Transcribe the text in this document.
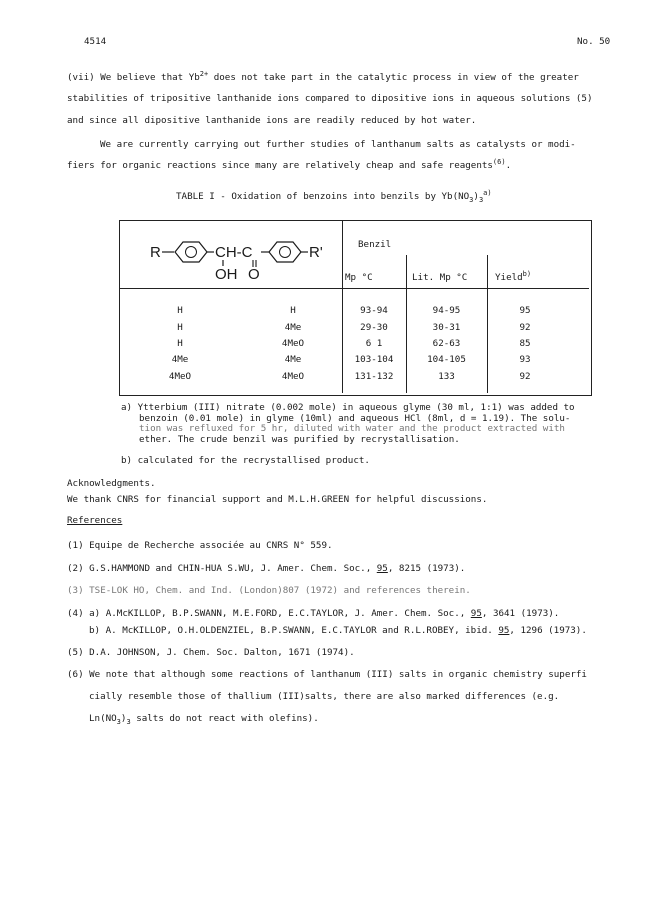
4514	No. 50
(vii) We believe that $Yb^{2+}$ does not take part in the catalytic process in view of the greater
stabilities of tripositive lanthanide ions compared to dipositive ions in aqueous solutions (5)
and since all dipositive lanthanide ions are readily reduced by hot water.
We are currently carrying out further studies of lanthanum salts as catalysts or modi-
fiers for organic reactions since many are relatively cheap and safe reagents$^{(6)}$.
TABLE I - Oxidation of benzoins into benzils by $Yb(NO_3)_3^{a)}$
R	CH-C
OH O
R'	Benzil
Mp °C	Lit. Mp °C	Yield$^{b)}$
H	H	93-94	94-95	95
H	4Me	29-30	30-31	92
H	4MeO	6 1	62-63	85
4Me	4Me	103-104	104-105	93
4MeO	4MeO	131-132	133	92
a) Ytterbium (III) nitrate (0.002 mole) in aqueous glyme (30 ml, 1:1) was added to
benzoin (0.01 mole) in glyme (10ml) and aqueous HCl (8ml, d = 1.19). The solu-
tion was refluxed for 5 hr, diluted with water and the product extracted with
ether. The crude benzil was purified by recrystallisation.
b) calculated for the recrystallised product.
Acknowledgments.
We thank CNRS for financial support and M.L.H.GREEN for helpful discussions.
References
(1) Equipe de Recherche associée au CNRS N° 559.
(2) G.S.HAMMOND and CHIN-HUA S.WU, J. Amer. Chem. Soc., 95, 8215 (1973).
(3) TSE-LOK HO, Chem. and Ind. (London)807 (1972) and references therein.
(4) a) A.McKILLOP, B.P.SWANN, M.E.FORD, E.C.TAYLOR, J. Amer. Chem. Soc., 95, 3641 (1973).
b) A. McKILLOP, O.H.OLDENZIEL, B.P.SWANN, E.C.TAYLOR and R.L.ROBEY, ibid. 95, 1296 (1973).
(5) D.A. JOHNSON, J. Chem. Soc. Dalton, 1671 (1974).
(6) We note that although some reactions of lanthanum (III) salts in organic chemistry superfi
cially resemble those of thallium (III)salts, there are also marked differences (e.g.
$Ln(NO_3)_3$ salts do not react with olefins).
